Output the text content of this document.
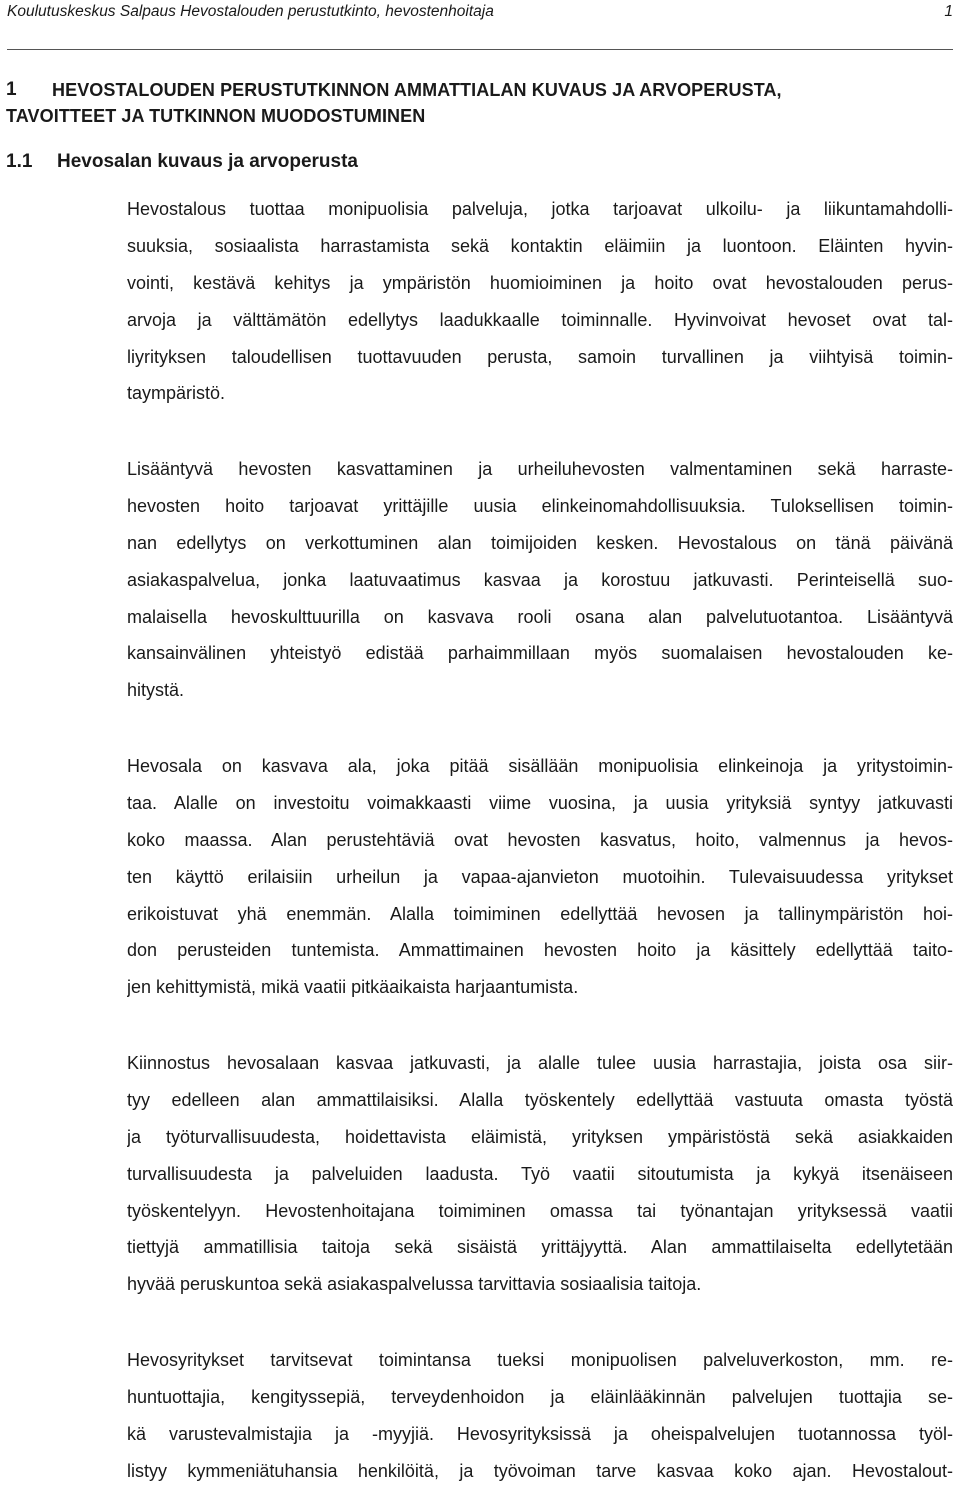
Koulutuskeskus Salpaus Hevostalouden perustutkinto, hevostenhoitaja	1
1 HEVOSTALOUDEN PERUSTUTKINNON AMMATTIALAN KUVAUS JA ARVOPERUSTA,
TAVOITTEET JA TUTKINNON MUODOSTUMINEN
1.1 Hevosalan kuvaus ja arvoperusta
Hevostalous tuottaa monipuolisia palveluja, jotka tarjoavat ulkoilu- ja liikuntamahdolli-
suuksia, sosiaalista harrastamista sekä kontaktin eläimiin ja luontoon. Eläinten hyvin-
vointi, kestävä kehitys ja ympäristön huomioiminen ja hoito ovat hevostalouden perus-
arvoja ja välttämätön edellytys laadukkaalle toiminnalle. Hyvinvoivat hevoset ovat tal-
liyrityksen taloudellisen tuottavuuden perusta, samoin turvallinen ja viihtyisä toimin-
taympäristö.
Lisääntyvä hevosten kasvattaminen ja urheiluhevosten valmentaminen sekä harraste-
hevosten hoito tarjoavat yrittäjille uusia elinkeinomahdollisuuksia. Tuloksellisen toimin-
nan edellytys on verkottuminen alan toimijoiden kesken. Hevostalous on tänä päivänä
asiakaspalvelua, jonka laatuvaatimus kasvaa ja korostuu jatkuvasti. Perinteisellä suo-
malaisella hevoskulttuurilla on kasvava rooli osana alan palvelutuotantoa. Lisääntyvä
kansainvälinen yhteistyö edistää parhaimmillaan myös suomalaisen hevostalouden ke-
hitystä.
Hevosala on kasvava ala, joka pitää sisällään monipuolisia elinkeinoja ja yritystoimin-
taa. Alalle on investoitu voimakkaasti viime vuosina, ja uusia yrityksiä syntyy jatkuvasti
koko maassa. Alan perustehtäviä ovat hevosten kasvatus, hoito, valmennus ja hevos-
ten käyttö erilaisiin urheilun ja vapaa-ajanvieton muotoihin. Tulevaisuudessa yritykset
erikoistuvat yhä enemmän. Alalla toimiminen edellyttää hevosen ja tallinympäristön hoi-
don perusteiden tuntemista. Ammattimainen hevosten hoito ja käsittely edellyttää taito-
jen kehittymistä, mikä vaatii pitkäaikaista harjaantumista.
Kiinnostus hevosalaan kasvaa jatkuvasti, ja alalle tulee uusia harrastajia, joista osa siir-
tyy edelleen alan ammattilaisiksi. Alalla työskentely edellyttää vastuuta omasta työstä
ja työturvallisuudesta, hoidettavista eläimistä, yrityksen ympäristöstä sekä asiakkaiden
turvallisuudesta ja palveluiden laadusta. Työ vaatii sitoutumista ja kykyä itsenäiseen
työskentelyyn. Hevostenhoitajana toimiminen omassa tai työnantajan yrityksessä vaatii
tiettyjä ammatillisia taitoja sekä sisäistä yrittäjyyttä. Alan ammattilaiselta edellytetään
hyvää peruskuntoa sekä asiakaspalvelussa tarvittavia sosiaalisia taitoja.
Hevosyritykset tarvitsevat toimintansa tueksi monipuolisen palveluverkoston, mm. re-
huntuottajia, kengityssepiä, terveydenhoidon ja eläinlääkinnän palvelujen tuottajia se-
kä varustevalmistajia ja -myyjiä. Hevosyrityksissä ja oheispalvelujen tuotannossa työl-
listyy kymmeniätuhansia henkilöitä, ja työvoiman tarve kasvaa koko ajan. Hevostalout-
